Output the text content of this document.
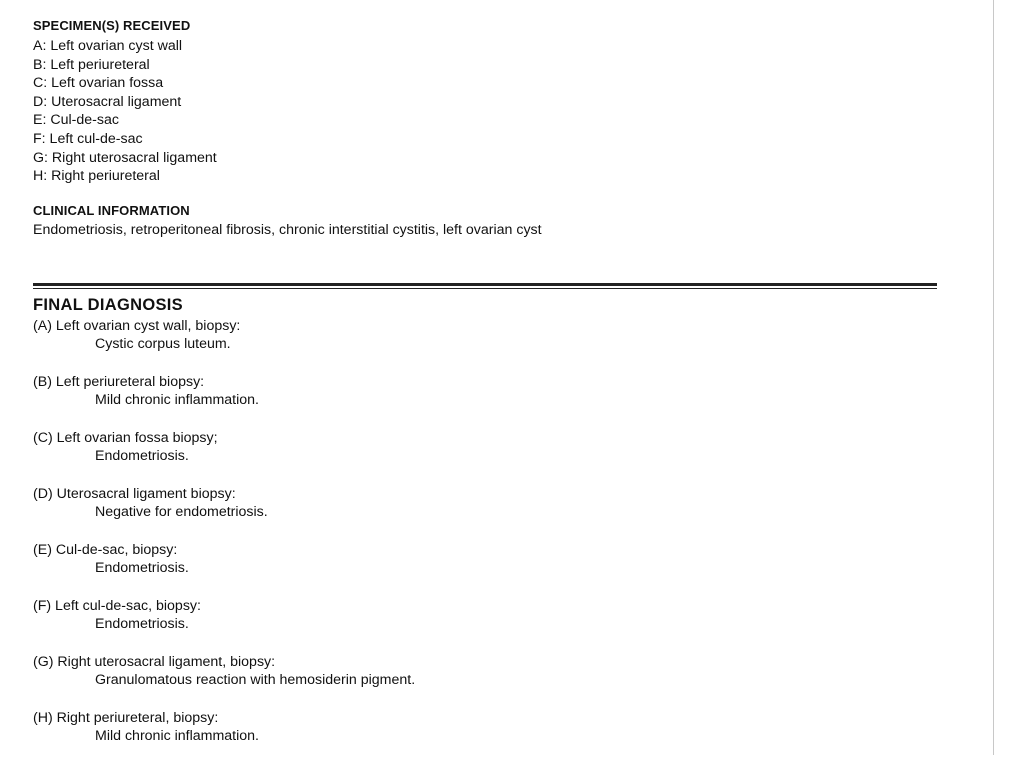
SPECIMEN(S) RECEIVED
A: Left ovarian cyst wall
B: Left periureteral
C: Left ovarian fossa
D: Uterosacral ligament
E: Cul-de-sac
F: Left cul-de-sac
G: Right uterosacral ligament
H: Right periureteral
CLINICAL INFORMATION
Endometriosis, retroperitoneal fibrosis, chronic interstitial cystitis, left ovarian cyst
FINAL DIAGNOSIS
(A) Left ovarian cyst wall, biopsy:
Cystic corpus luteum.
(B) Left periureteral biopsy:
Mild chronic inflammation.
(C) Left ovarian fossa biopsy;
Endometriosis.
(D) Uterosacral ligament biopsy:
Negative for endometriosis.
(E) Cul-de-sac, biopsy:
Endometriosis.
(F) Left cul-de-sac, biopsy:
Endometriosis.
(G) Right uterosacral ligament, biopsy:
Granulomatous reaction with hemosiderin pigment.
(H) Right periureteral, biopsy:
Mild chronic inflammation.
